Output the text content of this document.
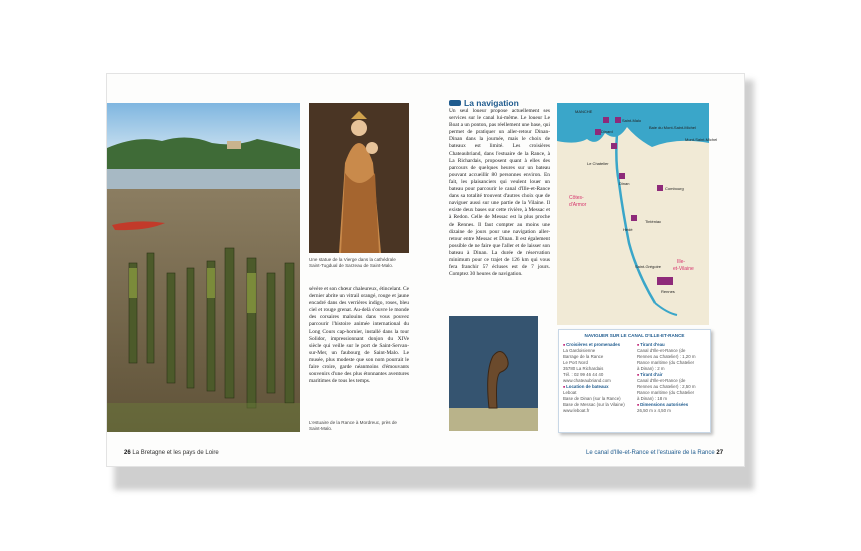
Une statue de la Vierge dans la cathédrale Saint-Tugdual de Sarzeau de Saint-Malo.
sévère et son chœur chaleureux, étincelant. Ce dernier abrite un vitrail orangé, rouge et jaune encadré dans des verrières indigo, roses, bleu ciel et rouge grenat. Au-delà s'ouvre le monde des corsaires malouins dans vous pouvez parcourir l'histoire animée international du Long Cours cap-hornier, installé dans la tour Solidor, impressionnant donjon du XIVe siècle qui veille sur le port de Saint-Servan-sur-Mer, un faubourg de Saint-Malo. Le musée, plus modeste que son nom pourrait le faire croire, garde néanmoins d'émouvants souvenirs d'une des plus étonnantes aventures maritimes de tous les temps.
L'estuaire de la Rance à Mordreuc, près de Saint-Malo.
La navigation
Un seul loueur propose actuellement ses services sur le canal lui-même. Le loueur Le Boat a un ponton, pas réellement une base, qui permet de pratiquer un aller-retour Dinan-Dinan dans la journée, mais le choix de bateaux est limité. Les croisières Chateaubriand, dans l'estuaire de la Rance, à La Richardais, proposent quant à elles des parcours de quelques heures sur un bateau pouvant accueillir 80 personnes environ. En fait, les plaisanciers qui veulent louer un bateau pour parcourir le canal d'Ille-et-Rance dans sa totalité trouvent d'autres choix que de naviguer aussi sur une partie de la Vilaine. Il existe deux bases sur cette rivière, à Messac et à Redon. Celle de Messac est la plus proche de Rennes. Il faut compter au moins une dizaine de jours pour une navigation aller-retour entre Messac et Dinan. Il est également possible de ne faire que l'aller et de laisser son bateau à Dinan. La durée de réservation minimum pour ce trajet de 126 km qui vous fera franchir 57 écluses est de 7 jours. Comptez 30 heures de navigation.
MANCHE
Baie du Mont-Saint-Michel
Côtes-
d'Armor
Ille-
et-Vilaine
Saint-Malo
Dinard
Dinan
Le Chatelier
Mont-Saint-Michel
Combourg
Tinténiac
Hédé
Saint-Grégoire
Rennes
NAVIGUER SUR LE CANAL D'ILLE-ET-RANCE
■ Croisières et promenades
La Gardoisienne
Barrage de la Rance
Le Port Nord
35780 La Richardais
Tél. : 02 99 46 44 40
www.chateaubriand.com
■ Location de bateaux
Leboat
Base de Dinan (sur la Rance)
Base de Messac (sur la Vilaine)
www.leboat.fr
■ Tirant d'eau
Canal d'Ille-et-Rance (de
Rennes au Chatelier) : 1,20 m
Rance maritime (du Chatelier
à Dinan) : 2 m
■ Tirant d'air
Canal d'Ille-et-Rance (de
Rennes au Chatelier) : 2,50 m
Rance maritime (du Chatelier
à Dinan) : 18 m
■ Dimensions autorisées
26,50 m x 4,50 m
26 La Bretagne et les pays de Loire	Le canal d'Ille-et-Rance et l'estuaire de la Rance 27
